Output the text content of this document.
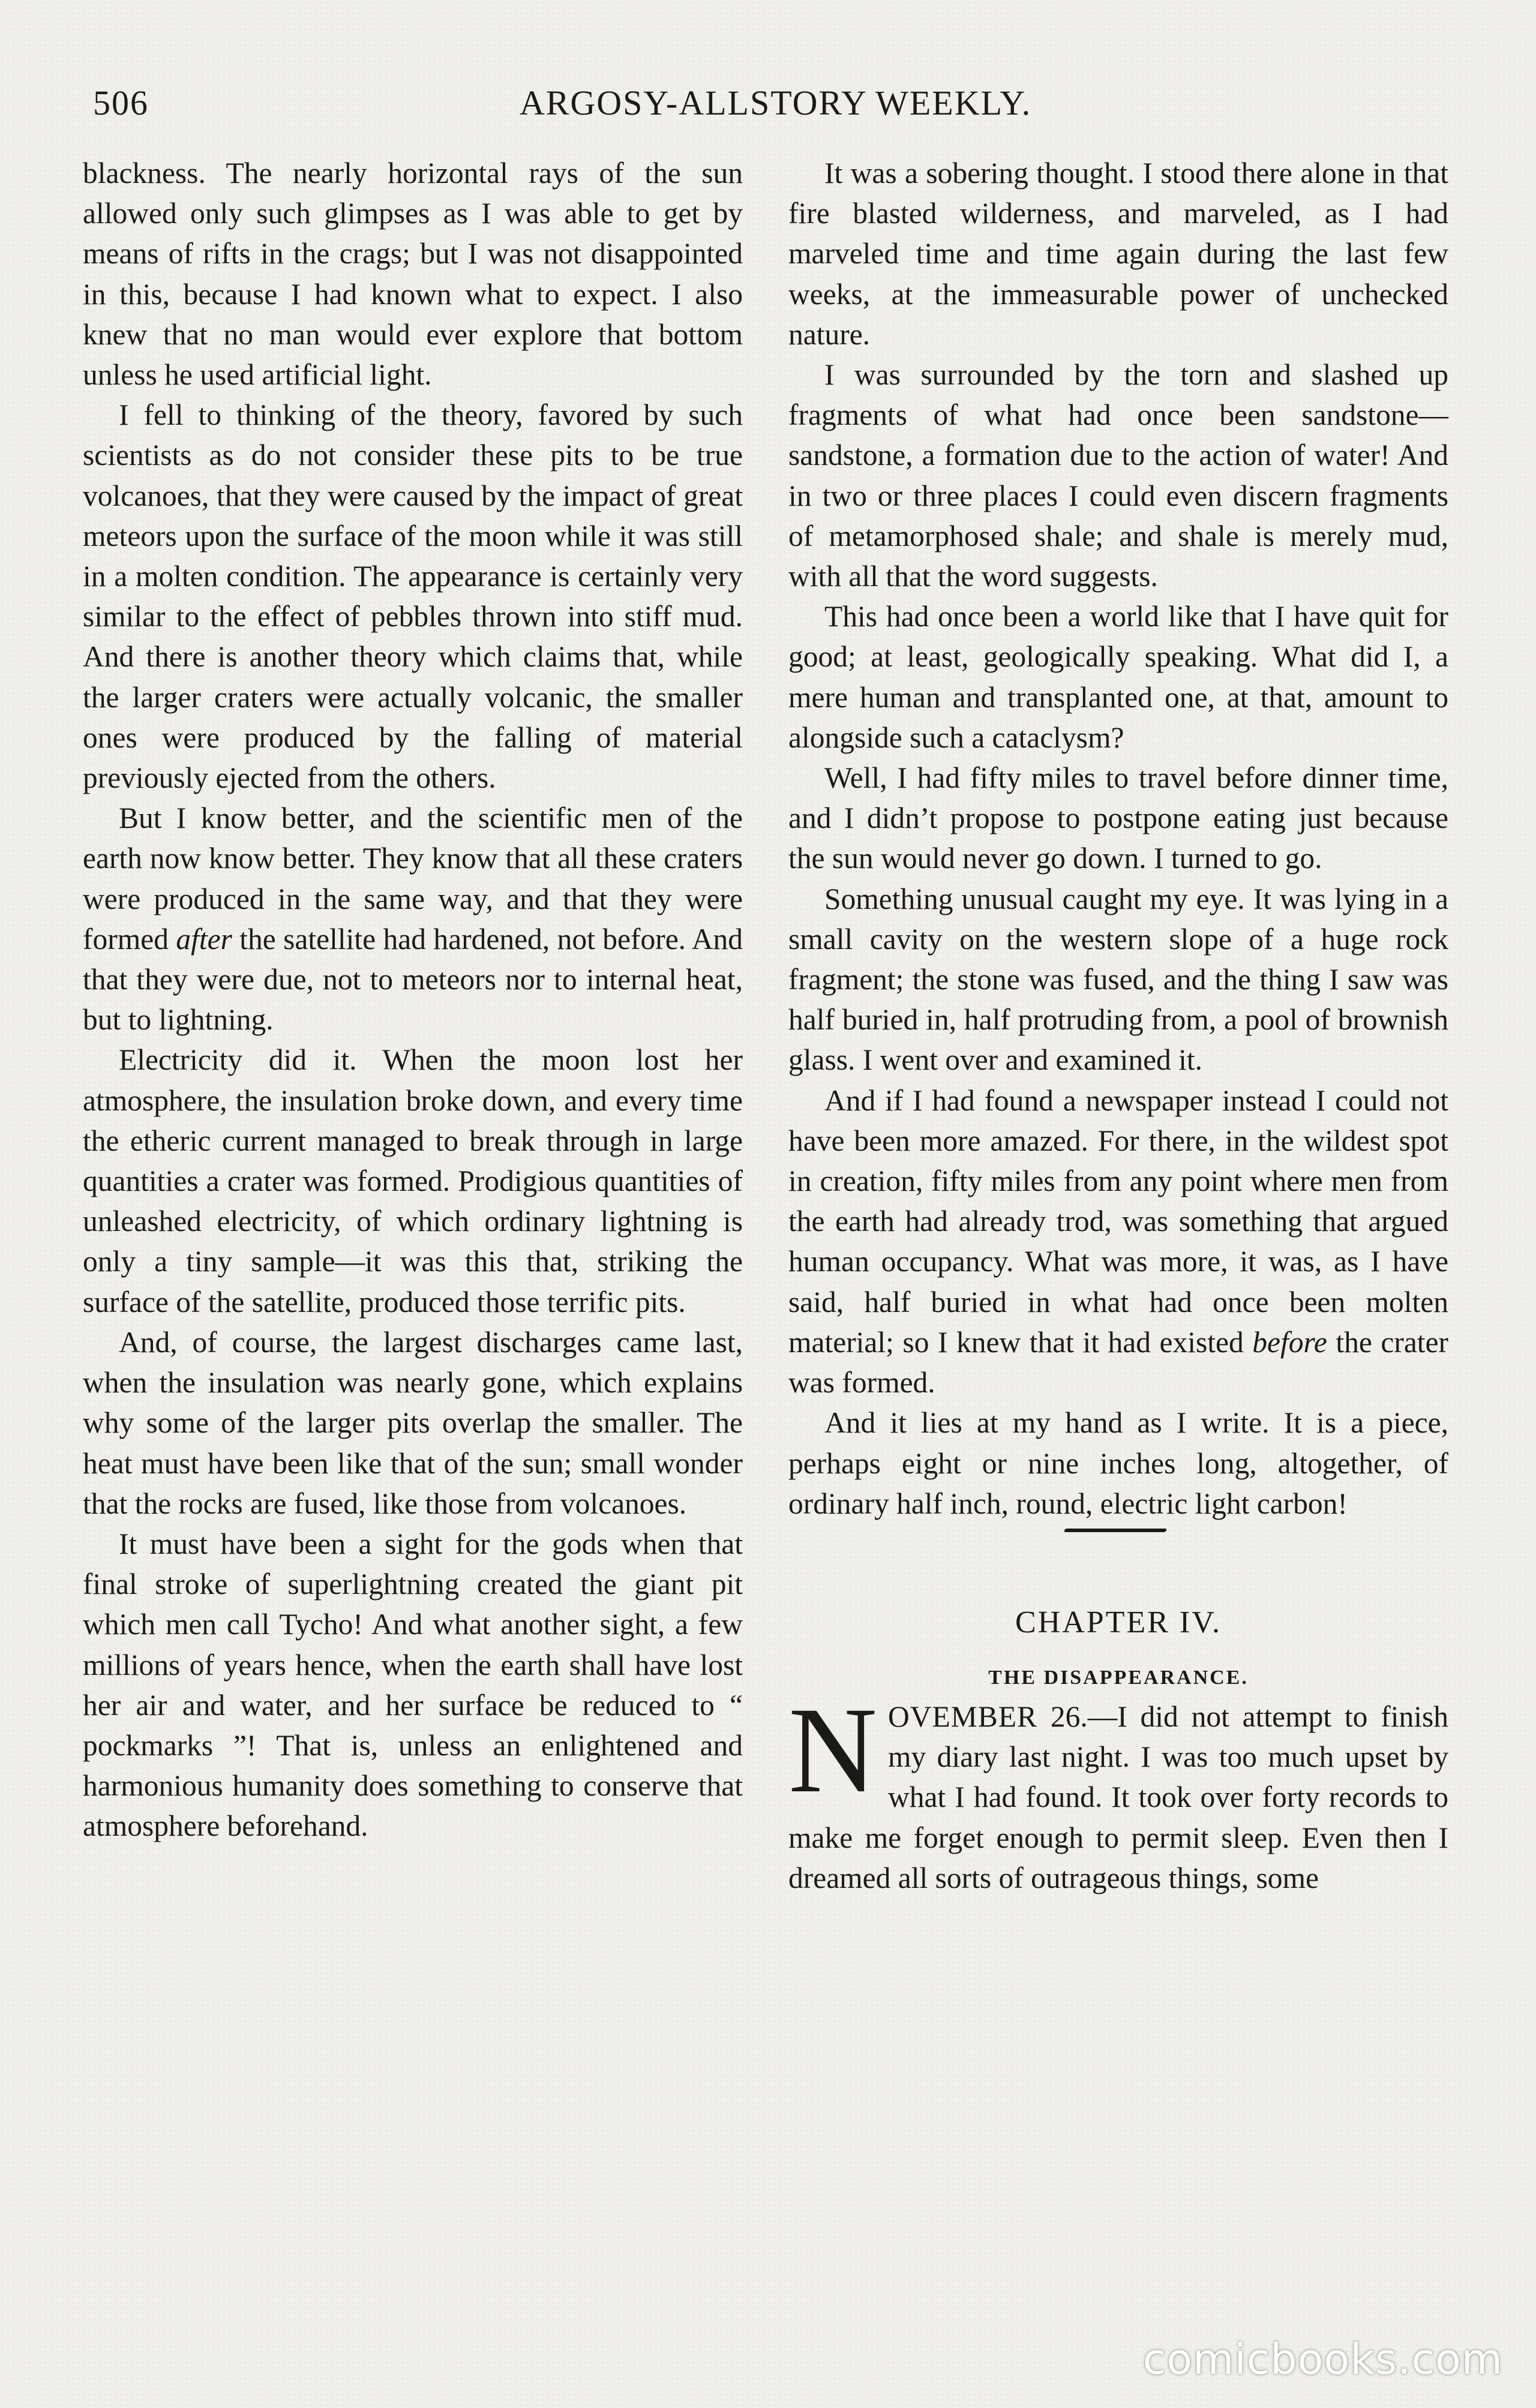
506	ARGOSY-ALLSTORY WEEKLY.

blackness. The nearly horizontal rays of the sun allowed only such glimpses as I was able to get by means of rifts in the crags; but I was not disappointed in this, because I had known what to expect. I also knew that no man would ever explore that bottom unless he used artificial light.

I fell to thinking of the theory, favored by such scientists as do not consider these pits to be true volcanoes, that they were caused by the impact of great meteors upon the surface of the moon while it was still in a molten condition. The appearance is certainly very similar to the effect of pebbles thrown into stiff mud. And there is another theory which claims that, while the larger craters were actually volcanic, the smaller ones were produced by the falling of material previously ejected from the others.

But I know better, and the scientific men of the earth now know better. They know that all these craters were produced in the same way, and that they were formed after the satellite had hardened, not before. And that they were due, not to meteors nor to internal heat, but to lightning.

Electricity did it. When the moon lost her atmosphere, the insulation broke down, and every time the etheric current managed to break through in large quantities a crater was formed. Prodigious quantities of unleashed electricity, of which ordinary lightning is only a tiny sample—it was this that, striking the surface of the satellite, produced those terrific pits.

And, of course, the largest discharges came last, when the insulation was nearly gone, which explains why some of the larger pits overlap the smaller. The heat must have been like that of the sun; small wonder that the rocks are fused, like those from volcanoes.

It must have been a sight for the gods when that final stroke of superlightning created the giant pit which men call Tycho! And what another sight, a few millions of years hence, when the earth shall have lost her air and water, and her surface be reduced to “ pockmarks ”! That is, unless an enlightened and harmonious humanity does something to conserve that atmosphere beforehand.

It was a sobering thought. I stood there alone in that fire blasted wilderness, and marveled, as I had marveled time and time again during the last few weeks, at the immeasurable power of unchecked nature.

I was surrounded by the torn and slashed up fragments of what had once been sandstone—sandstone, a formation due to the action of water! And in two or three places I could even discern fragments of metamorphosed shale; and shale is merely mud, with all that the word suggests.

This had once been a world like that I have quit for good; at least, geologically speaking. What did I, a mere human and transplanted one, at that, amount to alongside such a cataclysm?

Well, I had fifty miles to travel before dinner time, and I didn’t propose to postpone eating just because the sun would never go down. I turned to go.

Something unusual caught my eye. It was lying in a small cavity on the western slope of a huge rock fragment; the stone was fused, and the thing I saw was half buried in, half protruding from, a pool of brownish glass. I went over and examined it.

And if I had found a newspaper instead I could not have been more amazed. For there, in the wildest spot in creation, fifty miles from any point where men from the earth had already trod, was something that argued human occupancy. What was more, it was, as I have said, half buried in what had once been molten material; so I knew that it had existed before the crater was formed.

And it lies at my hand as I write. It is a piece, perhaps eight or nine inches long, altogether, of ordinary half inch, round, electric light carbon!

CHAPTER IV.
THE DISAPPEARANCE.

NOVEMBER 26.—I did not attempt to finish my diary last night. I was too much upset by what I had found. It took over forty records to make me forget enough to permit sleep. Even then I dreamed all sorts of outrageous things, some

comicbooks.com
